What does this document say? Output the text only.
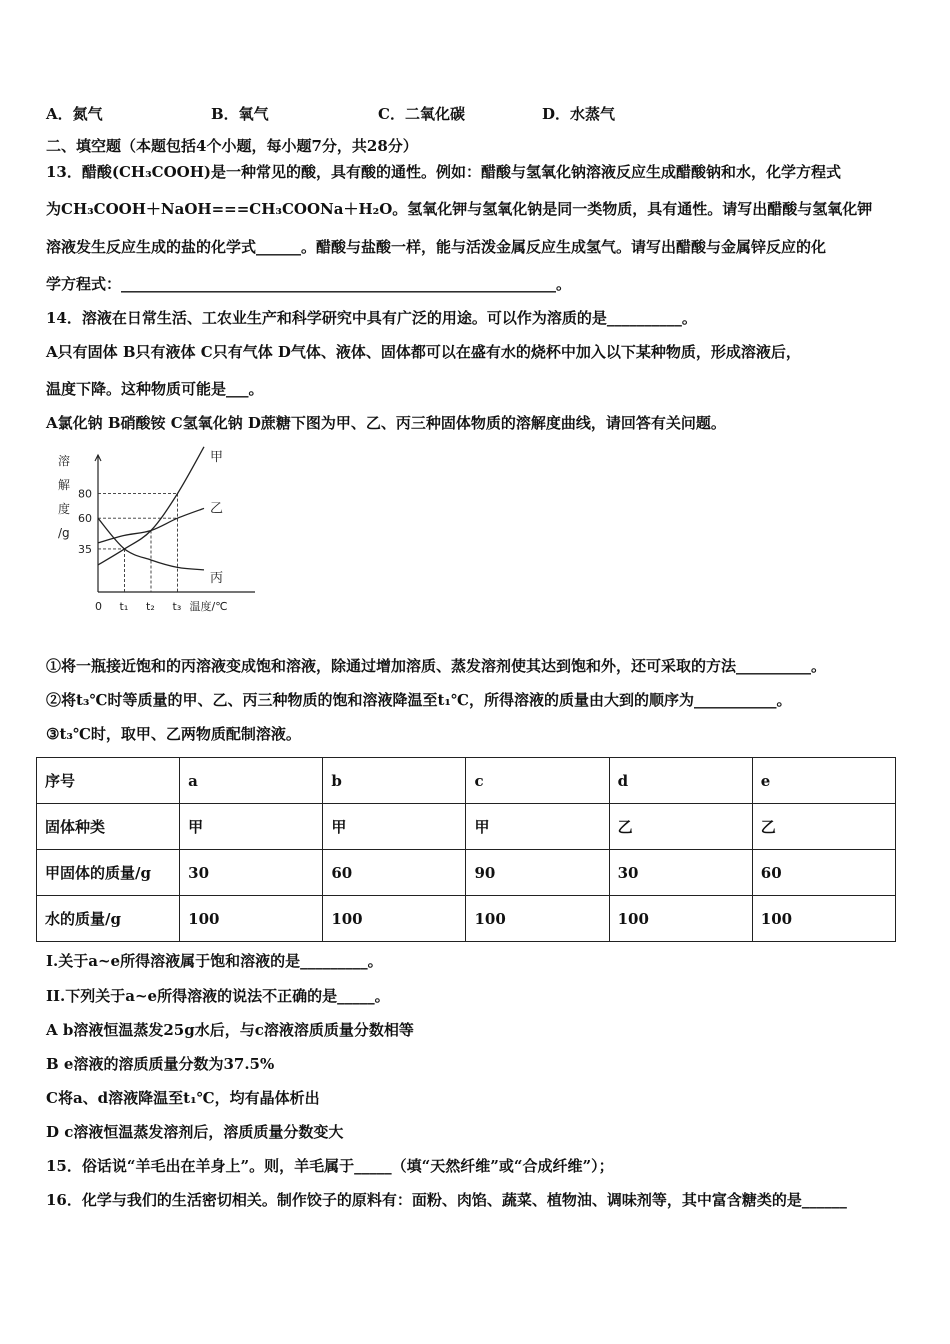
A．氮气	B．氧气	C．二氧化碳	D．水蒸气
二、填空题（本题包括4个小题，每小题7分，共28分）
13．醋酸(CH₃COOH)是一种常见的酸，具有酸的通性。例如：醋酸与氢氧化钠溶液反应生成醋酸钠和水，化学方程式
为CH₃COOH＋NaOH===CH₃COONa＋H₂O。氢氧化钾与氢氧化钠是同一类物质，具有通性。请写出醋酸与氢氧化钾
溶液发生反应生成的盐的化学式______。醋酸与盐酸一样，能与活泼金属反应生成氢气。请写出醋酸与金属锌反应的化
学方程式：__________________________________________________________。
14．溶液在日常生活、工农业生产和科学研究中具有广泛的用途。可以作为溶质的是__________。
A只有固体 B只有液体 C只有气体 D气体、液体、固体都可以在盛有水的烧杯中加入以下某种物质，形成溶液后，
温度下降。这种物质可能是___。
A氯化钠 B硝酸铵 C氢氧化钠 D蔗糖下图为甲、乙、丙三种固体物质的溶解度曲线，请回答有关问题。
溶
解
度
/g
35
60
80
0 t₁ t₂ t₃ 温度/℃
甲
乙
丙
①将一瓶接近饱和的丙溶液变成饱和溶液，除通过增加溶质、蒸发溶剂使其达到饱和外，还可采取的方法__________。
②将t₃℃时等质量的甲、乙、丙三种物质的饱和溶液降温至t₁℃，所得溶液的质量由大到的顺序为___________。
③t₃℃时，取甲、乙两物质配制溶液。
序号	a	b	c	d	e
固体种类	甲	甲	甲	乙	乙
甲固体的质量/g	30	60	90	30	60
水的质量/g	100	100	100	100	100
I.关于a~e所得溶液属于饱和溶液的是_________。
II.下列关于a~e所得溶液的说法不正确的是_____。
A b溶液恒温蒸发25g水后，与c溶液溶质质量分数相等
B e溶液的溶质质量分数为37.5%
C将a、d溶液降温至t₁℃，均有晶体析出
D c溶液恒温蒸发溶剂后，溶质质量分数变大
15．俗话说“羊毛出在羊身上”。则，羊毛属于_____（填“天然纤维”或“合成纤维”）；
16．化学与我们的生活密切相关。制作饺子的原料有：面粉、肉馅、蔬菜、植物油、调味剂等，其中富含糖类的是______
